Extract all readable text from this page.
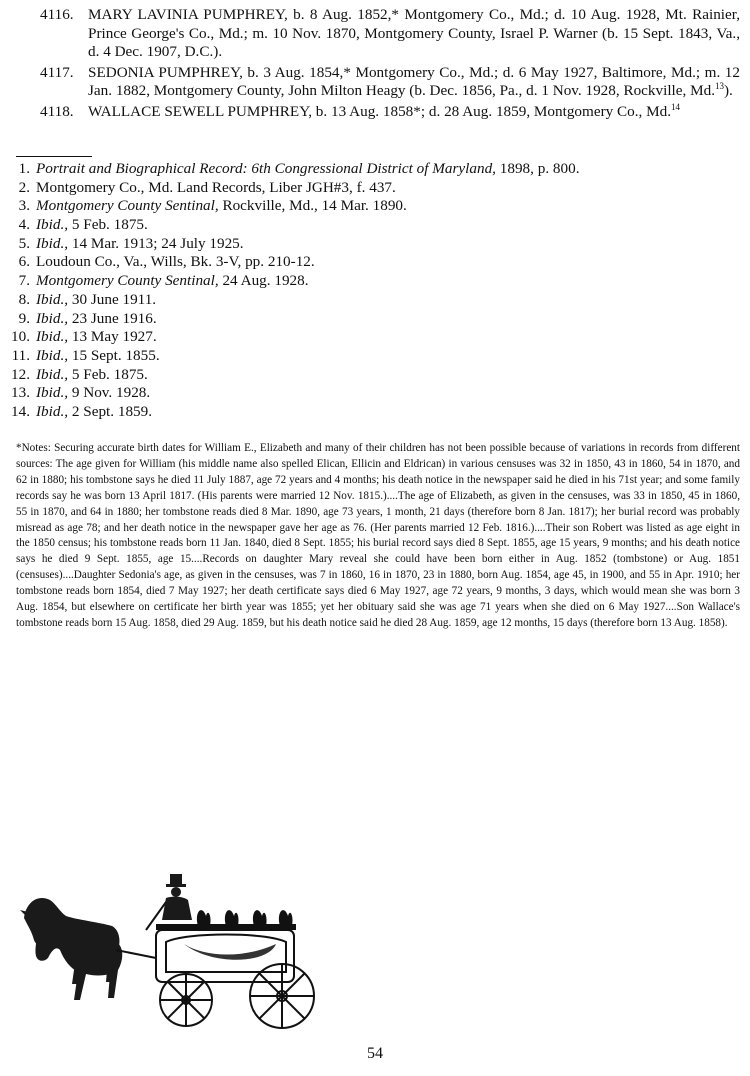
4116. MARY LAVINIA PUMPHREY, b. 8 Aug. 1852,* Montgomery Co., Md.; d. 10 Aug. 1928, Mt. Rainier, Prince George's Co., Md.; m. 10 Nov. 1870, Montgomery County, Israel P. Warner (b. 15 Sept. 1843, Va., d. 4 Dec. 1907, D.C.).
4117. SEDONIA PUMPHREY, b. 3 Aug. 1854,* Montgomery Co., Md.; d. 6 May 1927, Baltimore, Md.; m. 12 Jan. 1882, Montgomery County, John Milton Heagy (b. Dec. 1856, Pa., d. 1 Nov. 1928, Rockville, Md.$^{13}$).
4118. WALLACE SEWELL PUMPHREY, b. 13 Aug. 1858*; d. 28 Aug. 1859, Montgomery Co., Md.$^{14}$
1. Portrait and Biographical Record: 6th Congressional District of Maryland, 1898, p. 800.
2. Montgomery Co., Md. Land Records, Liber JGH#3, f. 437.
3. Montgomery County Sentinal, Rockville, Md., 14 Mar. 1890.
4. Ibid., 5 Feb. 1875.
5. Ibid., 14 Mar. 1913; 24 July 1925.
6. Loudoun Co., Va., Wills, Bk. 3-V, pp. 210-12.
7. Montgomery County Sentinal, 24 Aug. 1928.
8. Ibid., 30 June 1911.
9. Ibid., 23 June 1916.
10. Ibid., 13 May 1927.
11. Ibid., 15 Sept. 1855.
12. Ibid., 5 Feb. 1875.
13. Ibid., 9 Nov. 1928.
14. Ibid., 2 Sept. 1859.

*Notes: Securing accurate birth dates for William E., Elizabeth and many of their children has not been possible because of variations in records from different sources: The age given for William (his middle name also spelled Elican, Ellicin and Eldrican) in various censuses was 32 in 1850, 43 in 1860, 54 in 1870, and 62 in 1880; his tombstone says he died 11 July 1887, age 72 years and 4 months; his death notice in the newspaper said he died in his 71st year; and some family records say he was born 13 April 1817. (His parents were married 12 Nov. 1815.)....The age of Elizabeth, as given in the censuses, was 33 in 1850, 45 in 1860, 55 in 1870, and 64 in 1880; her tombstone reads died 8 Mar. 1890, age 73 years, 1 month, 21 days (therefore born 8 Jan. 1817); her burial record was probably misread as age 78; and her death notice in the newspaper gave her age as 76. (Her parents married 12 Feb. 1816.)....Their son Robert was listed as age eight in the 1850 census; his tombstone reads born 11 Jan. 1840, died 8 Sept. 1855; his burial record says died 8 Sept. 1855, age 15 years, 9 months; and his death notice says he died 9 Sept. 1855, age 15....Records on daughter Mary reveal she could have been born either in Aug. 1852 (tombstone) or Aug. 1851 (censuses)....Daughter Sedonia's age, as given in the censuses, was 7 in 1860, 16 in 1870, 23 in 1880, born Aug. 1854, age 45, in 1900, and 55 in Apr. 1910; her tombstone reads born 1854, died 7 May 1927; her death certificate says died 6 May 1927, age 72 years, 9 months, 3 days, which would mean she was born 3 Aug. 1854, but elsewhere on certificate her birth year was 1855; yet her obituary said she was age 71 years when she died on 6 May 1927....Son Wallace's tombstone reads born 15 Aug. 1858, died 29 Aug. 1859, but his death notice said he died 28 Aug. 1859, age 12 months, 15 days (therefore born 13 Aug. 1858).

54
